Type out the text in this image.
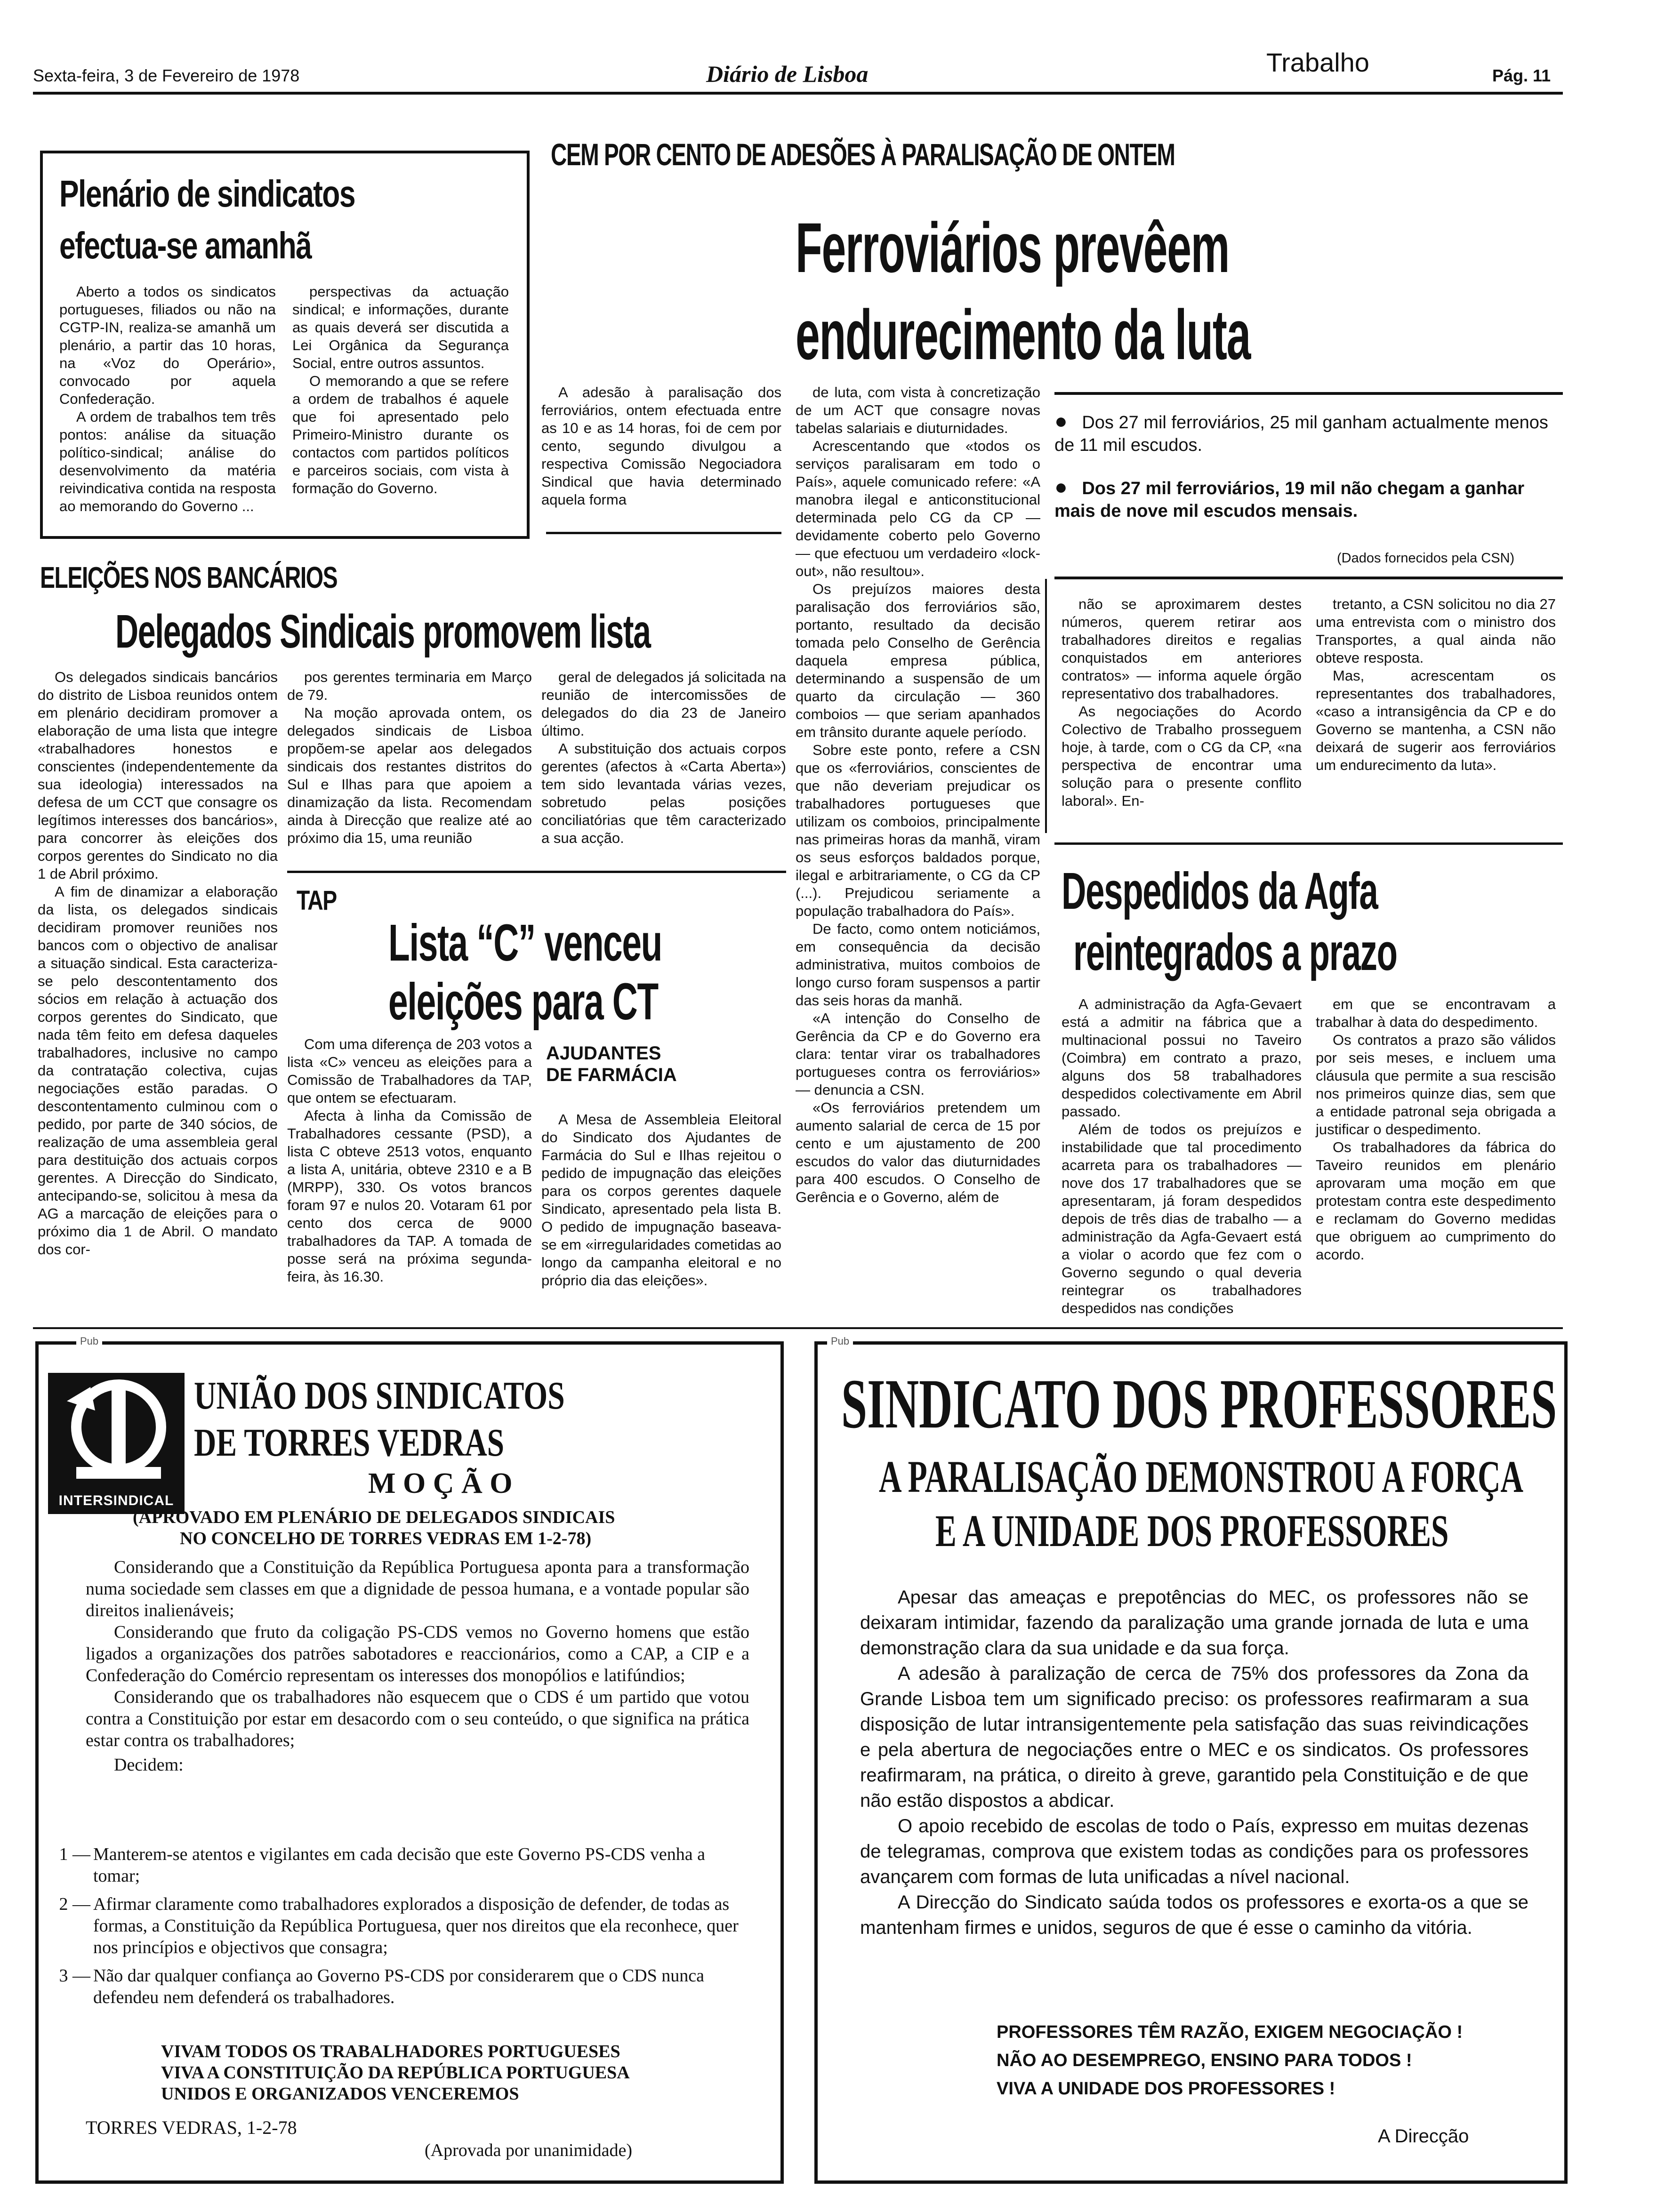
Sexta-feira, 3 de Fevereiro de 1978	Diário de Lisboa	Trabalho	Pág. 11
Plenário de sindicatos
efectua-se amanhã

Aberto a todos os sindicatos portugueses, filiados ou não na CGTP-IN, realiza-se amanhã um plenário, a partir das 10 horas, na «Voz do Operário», convocado por aquela Confederação.

A ordem de trabalhos tem três pontos: análise da situação político-sindical; análise do desenvolvimento da matéria reivindicativa contida na resposta ao memorando do Governo ...

perspectivas da actuação sindical; e informações, durante as quais deverá ser discutida a Lei Orgânica da Segurança Social, entre outros assuntos.

O memorando a que se refere a ordem de trabalhos é aquele que foi apresentado pelo Primeiro-Ministro durante os contactos com partidos políticos e parceiros sociais, com vista à formação do Governo.

CEM POR CENTO DE ADESÕES À PARALISAÇÃO DE ONTEM
Ferroviários prevêem
endurecimento da luta

A adesão à paralisação dos ferroviários, ontem efectuada entre as 10 e as 14 horas, foi de cem por cento, segundo divulgou a respectiva Comissão Negociadora Sindical que havia determinado aquela forma

de luta, com vista à concretização de um ACT que consagre novas tabelas salariais e diuturnidades.

Acrescentando que «todos os serviços paralisaram em todo o País», aquele comunicado refere: «A manobra ilegal e anticonstitucional determinada pelo CG da CP — devidamente coberto pelo Governo — que efectuou um verdadeiro «lock-out», não resultou».

Os prejuízos maiores desta paralisação dos ferroviários são, portanto, resultado da decisão tomada pelo Conselho de Gerência daquela empresa pública, determinando a suspensão de um quarto da circulação — 360 comboios — que seriam apanhados em trânsito durante aquele período.

Sobre este ponto, refere a CSN que os «ferroviários, conscientes de que não deveriam prejudicar os trabalhadores portugueses que utilizam os comboios, principalmente nas primeiras horas da manhã, viram os seus esforços baldados porque, ilegal e arbitrariamente, o CG da CP (...). Prejudicou seriamente a população trabalhadora do País».

De facto, como ontem noticiámos, em consequência da decisão administrativa, muitos comboios de longo curso foram suspensos a partir das seis horas da manhã.

«A intenção do Conselho de Gerência da CP e do Governo era clara: tentar virar os trabalhadores portugueses contra os ferroviários» — denuncia a CSN.

«Os ferroviários pretendem um aumento salarial de cerca de 15 por cento e um ajustamento de 200 escudos do valor das diuturnidades para 400 escudos. O Conselho de Gerência e o Governo, além de

● Dos 27 mil ferroviários, 25 mil ganham actualmente menos de 11 mil escudos.
● Dos 27 mil ferroviários, 19 mil não chegam a ganhar mais de nove mil escudos mensais.
(Dados fornecidos pela CSN)

não se aproximarem destes números, querem retirar aos trabalhadores direitos e regalias conquistados em anteriores contratos» — informa aquele órgão representativo dos trabalhadores.

As negociações do Acordo Colectivo de Trabalho prosseguem hoje, à tarde, com o CG da CP, «na perspectiva de encontrar uma solução para o presente conflito laboral». En-

tretanto, a CSN solicitou no dia 27 uma entrevista com o ministro dos Transportes, a qual ainda não obteve resposta.

Mas, acrescentam os representantes dos trabalhadores, «caso a intransigência da CP e do Governo se mantenha, a CSN não deixará de sugerir aos ferroviários um endurecimento da luta».

ELEIÇÕES NOS BANCÁRIOS
Delegados Sindicais promovem lista

Os delegados sindicais bancários do distrito de Lisboa reunidos ontem em plenário decidiram promover a elaboração de uma lista que integre «trabalhadores honestos e conscientes (independentemente da sua ideologia) interessados na defesa de um CCT que consagre os legítimos interesses dos bancários», para concorrer às eleições dos corpos gerentes do Sindicato no dia 1 de Abril próximo.

A fim de dinamizar a elaboração da lista, os delegados sindicais decidiram promover reuniões nos bancos com o objectivo de analisar a situação sindical. Esta caracteriza-se pelo descontentamento dos sócios em relação à actuação dos corpos gerentes do Sindicato, que nada têm feito em defesa daqueles trabalhadores, inclusive no campo da contratação colectiva, cujas negociações estão paradas. O descontentamento culminou com o pedido, por parte de 340 sócios, de realização de uma assembleia geral para destituição dos actuais corpos gerentes. A Direcção do Sindicato, antecipando-se, solicitou à mesa da AG a marcação de eleições para o próximo dia 1 de Abril. O mandato dos cor-

pos gerentes terminaria em Março de 79.

Na moção aprovada ontem, os delegados sindicais de Lisboa propõem-se apelar aos delegados sindicais dos restantes distritos do Sul e Ilhas para que apoiem a dinamização da lista. Recomendam ainda à Direcção que realize até ao próximo dia 15, uma reunião

geral de delegados já solicitada na reunião de intercomissões de delegados do dia 23 de Janeiro último.

A substituição dos actuais corpos gerentes (afectos à «Carta Aberta») tem sido levantada várias vezes, sobretudo pelas posições conciliatórias que têm caracterizado a sua acção.

TAP
Lista “C” venceu
eleições para CT

Com uma diferença de 203 votos a lista «C» venceu as eleições para a Comissão de Trabalhadores da TAP, que ontem se efectuaram.

Afecta à linha da Comissão de Trabalhadores cessante (PSD), a lista C obteve 2513 votos, enquanto a lista A, unitária, obteve 2310 e a B (MRPP), 330. Os votos brancos foram 97 e nulos 20. Votaram 61 por cento dos cerca de 9000 trabalhadores da TAP. A tomada de posse será na próxima segunda-feira, às 16.30.

AJUDANTES DE FARMÁCIA

A Mesa de Assembleia Eleitoral do Sindicato dos Ajudantes de Farmácia do Sul e Ilhas rejeitou o pedido de impugnação das eleições para os corpos gerentes daquele Sindicato, apresentado pela lista B. O pedido de impugnação baseava-se em «irregularidades cometidas ao longo da campanha eleitoral e no próprio dia das eleições».

Despedidos da Agfa
reintegrados a prazo

A administração da Agfa-Gevaert está a admitir na fábrica que a multinacional possui no Taveiro (Coimbra) em contrato a prazo, alguns dos 58 trabalhadores despedidos colectivamente em Abril passado.

Além de todos os prejuízos e instabilidade que tal procedimento acarreta para os trabalhadores — nove dos 17 trabalhadores que se apresentaram, já foram despedidos depois de três dias de trabalho — a administração da Agfa-Gevaert está a violar o acordo que fez com o Governo segundo o qual deveria reintegrar os trabalhadores despedidos nas condições

em que se encontravam a trabalhar à data do despedimento.

Os contratos a prazo são válidos por seis meses, e incluem uma cláusula que permite a sua rescisão nos primeiros quinze dias, sem que a entidade patronal seja obrigada a justificar o despedimento.

Os trabalhadores da fábrica do Taveiro reunidos em plenário aprovaram uma moção em que protestam contra este despedimento e reclamam do Governo medidas que obriguem ao cumprimento do acordo.

Pub
INTERSINDICAL
UNIÃO DOS SINDICATOS
DE TORRES VEDRAS
M O Ç Ã O
(APROVADO EM PLENÁRIO DE DELEGADOS SINDICAIS
NO CONCELHO DE TORRES VEDRAS EM 1-2-78)

Considerando que a Constituição da República Portuguesa aponta para a transformação numa sociedade sem classes em que a dignidade de pessoa humana, e a vontade popular são direitos inalienáveis;

Considerando que fruto da coligação PS-CDS vemos no Governo homens que estão ligados a organizações dos patrões sabotadores e reaccionários, como a CAP, a CIP e a Confederação do Comércio representam os interesses dos monopólios e latifúndios;

Considerando que os trabalhadores não esquecem que o CDS é um partido que votou contra a Constituição por estar em desacordo com o seu conteúdo, o que significa na prática estar contra os trabalhadores;

Decidem:

1 — Manterem-se atentos e vigilantes em cada decisão que este Governo PS-CDS venha a tomar;
2 — Afirmar claramente como trabalhadores explorados a disposição de defender, de todas as formas, a Constituição da República Portuguesa, quer nos direitos que ela reconhece, quer nos princípios e objectivos que consagra;
3 — Não dar qualquer confiança ao Governo PS-CDS por considerarem que o CDS nunca defendeu nem defenderá os trabalhadores.
VIVAM TODOS OS TRABALHADORES PORTUGUESES
VIVA A CONSTITUIÇÃO DA REPÚBLICA PORTUGUESA
UNIDOS E ORGANIZADOS VENCEREMOS
TORRES VEDRAS, 1-2-78
(Aprovada por unanimidade)
Pub
SINDICATO DOS PROFESSORES
A PARALISAÇÃO DEMONSTROU A FORÇA
E A UNIDADE DOS PROFESSORES

Apesar das ameaças e prepotências do MEC, os professores não se deixaram intimidar, fazendo da paralização uma grande jornada de luta e uma demonstração clara da sua unidade e da sua força.

A adesão à paralização de cerca de 75% dos professores da Zona da Grande Lisboa tem um significado preciso: os professores reafirmaram a sua disposição de lutar intransigentemente pela satisfação das suas reivindicações e pela abertura de negociações entre o MEC e os sindicatos. Os professores reafirmaram, na prática, o direito à greve, garantido pela Constituição e de que não estão dispostos a abdicar.

O apoio recebido de escolas de todo o País, expresso em muitas dezenas de telegramas, comprova que existem todas as condições para os professores avançarem com formas de luta unificadas a nível nacional.

A Direcção do Sindicato saúda todos os professores e exorta-os a que se mantenham firmes e unidos, seguros de que é esse o caminho da vitória.

PROFESSORES TÊM RAZÃO, EXIGEM NEGOCIAÇÃO !
NÃO AO DESEMPREGO, ENSINO PARA TODOS !
VIVA A UNIDADE DOS PROFESSORES !
A Direcção
